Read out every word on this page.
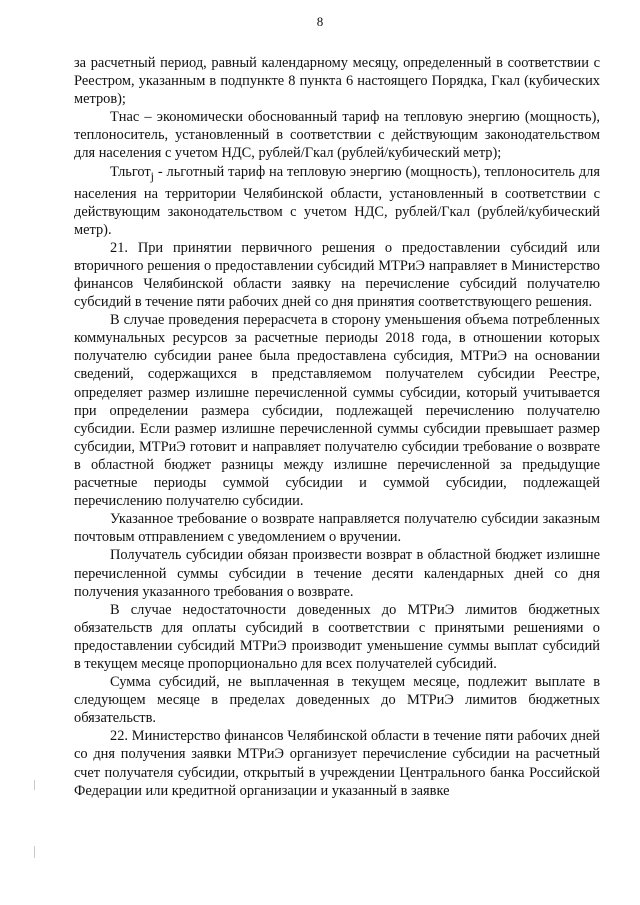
8

за расчетный период, равный календарному месяцу, определенный в соответствии с Реестром, указанным в подпункте 8 пункта 6 настоящего Порядка, Гкал (кубических метров);

Тнас – экономически обоснованный тариф на тепловую энергию (мощность), теплоноситель, установленный в соответствии с действующим законодательством для населения с учетом НДС, рублей/Гкал (рублей/кубический метр);

Тльгот$_j$ - льготный тариф на тепловую энергию (мощность), теплоноситель для населения на территории Челябинской области, установленный в соответствии с действующим законодательством с учетом НДС, рублей/Гкал (рублей/кубический метр).

21. При принятии первичного решения о предоставлении субсидий или вторичного решения о предоставлении субсидий МТРиЭ направляет в Министерство финансов Челябинской области заявку на перечисление субсидий получателю субсидий в течение пяти рабочих дней со дня принятия соответствующего решения.

В случае проведения перерасчета в сторону уменьшения объема потребленных коммунальных ресурсов за расчетные периоды 2018 года, в отношении которых получателю субсидии ранее была предоставлена субсидия, МТРиЭ на основании сведений, содержащихся в представляемом получателем субсидии Реестре, определяет размер излишне перечисленной суммы субсидии, который учитывается при определении размера субсидии, подлежащей перечислению получателю субсидии. Если размер излишне перечисленной суммы субсидии превышает размер субсидии, МТРиЭ готовит и направляет получателю субсидии требование о возврате в областной бюджет разницы между излишне перечисленной за предыдущие расчетные периоды суммой субсидии и суммой субсидии, подлежащей перечислению получателю субсидии.

Указанное требование о возврате направляется получателю субсидии заказным почтовым отправлением с уведомлением о вручении.

Получатель субсидии обязан произвести возврат в областной бюджет излишне перечисленной суммы субсидии в течение десяти календарных дней со дня получения указанного требования о возврате.

В случае недостаточности доведенных до МТРиЭ лимитов бюджетных обязательств для оплаты субсидий в соответствии с принятыми решениями о предоставлении субсидий МТРиЭ производит уменьшение суммы выплат субсидий в текущем месяце пропорционально для всех получателей субсидий.

Сумма субсидий, не выплаченная в текущем месяце, подлежит выплате в следующем месяце в пределах доведенных до МТРиЭ лимитов бюджетных обязательств.

22. Министерство финансов Челябинской области в течение пяти рабочих дней со дня получения заявки МТРиЭ организует перечисление субсидии на расчетный счет получателя субсидии, открытый в учреждении Центрального банка Российской Федерации или кредитной организации и указанный в заявке
